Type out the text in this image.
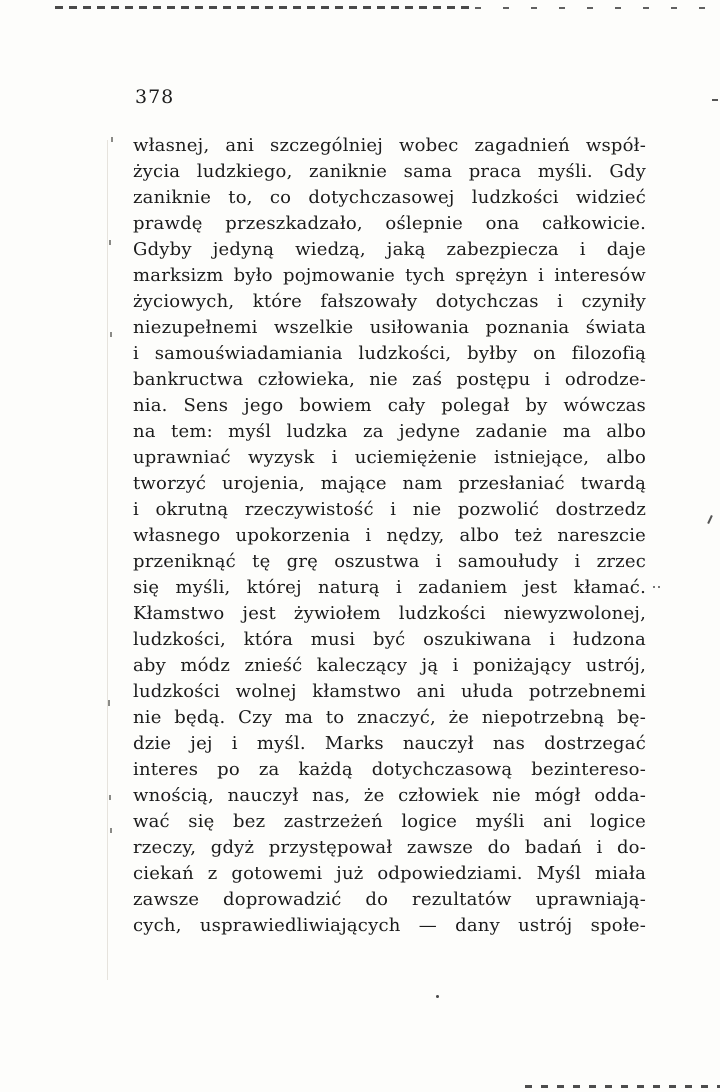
378
własnej, ani szczególniej wobec zagadnień współ-
życia ludzkiego, zaniknie sama praca myśli. Gdy
zaniknie to, co dotychczasowej ludzkości widzieć
prawdę przeszkadzało, oślepnie ona całkowicie.
Gdyby jedyną wiedzą, jaką zabezpiecza i daje
marksizm było pojmowanie tych sprężyn i interesów
życiowych, które fałszowały dotychczas i czyniły
niezupełnemi wszelkie usiłowania poznania świata
i samouświadamiania ludzkości, byłby on filozofią
bankructwa człowieka, nie zaś postępu i odrodze-
nia. Sens jego bowiem cały polegał by wówczas
na tem: myśl ludzka za jedyne zadanie ma albo
uprawniać wyzysk i uciemiężenie istniejące, albo
tworzyć urojenia, mające nam przesłaniać twardą
i okrutną rzeczywistość i nie pozwolić dostrzedz
własnego upokorzenia i nędzy, albo też nareszcie
przeniknąć tę grę oszustwa i samoułudy i zrzec
się myśli, której naturą i zadaniem jest kłamać.
Kłamstwo jest żywiołem ludzkości niewyzwolonej,
ludzkości, która musi być oszukiwana i łudzona
aby módz znieść kaleczący ją i poniżający ustrój,
ludzkości wolnej kłamstwo ani ułuda potrzebnemi
nie będą. Czy ma to znaczyć, że niepotrzebną bę-
dzie jej i myśl. Marks nauczył nas dostrzegać
interes po za każdą dotychczasową bezintereso-
wnością, nauczył nas, że człowiek nie mógł odda-
wać się bez zastrzeżeń logice myśli ani logice
rzeczy, gdyż przystępował zawsze do badań i do-
ciekań z gotowemi już odpowiedziami. Myśl miała
zawsze doprowadzić do rezultatów uprawniają-
cych, usprawiedliwiających — dany ustrój społe-
